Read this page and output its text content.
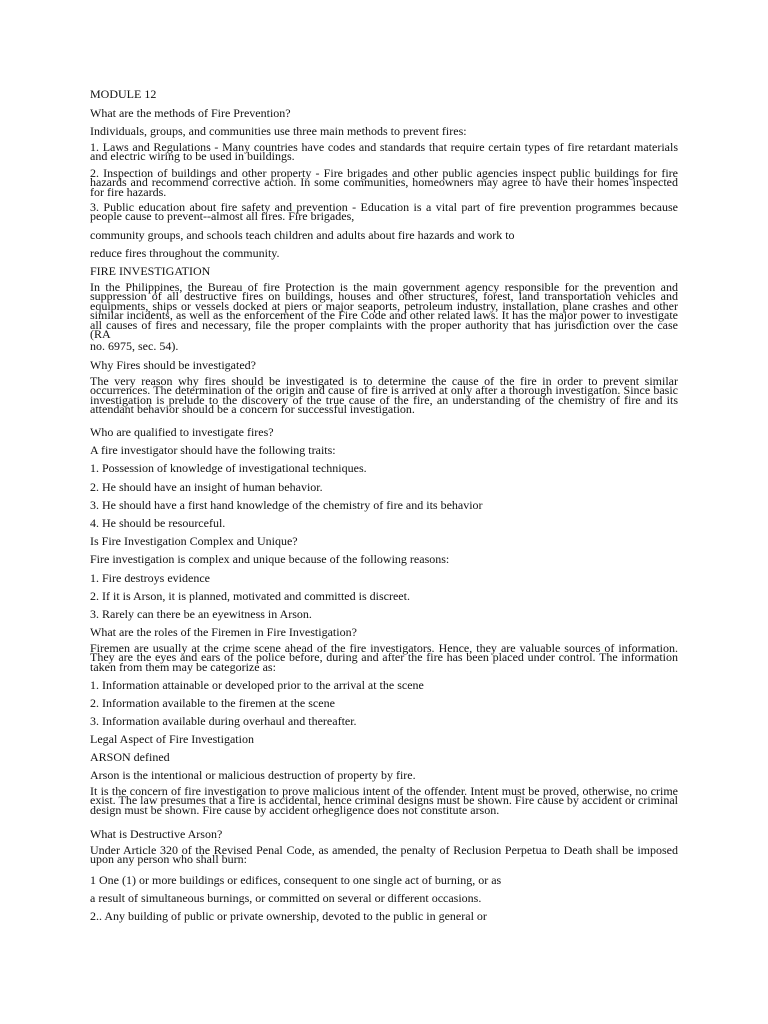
MODULE 12
What are the methods of Fire Prevention?
Individuals, groups, and communities use three main methods to prevent fires:
1. Laws and Regulations - Many countries have codes and standards that require certain types of fire retardant materials and electric wiring to be used in buildings.
2. Inspection of buildings and other property - Fire brigades and other public agencies inspect public buildings for fire hazards and recommend corrective action. In some communities, homeowners may agree to have their homes inspected for fire hazards.
3. Public education about fire safety and prevention - Education is a vital part of fire prevention programmes because people cause to prevent--almost all fires. Fire brigades,
community groups, and schools teach children and adults about fire hazards and work to
reduce fires throughout the community.
FIRE INVESTIGATION
In the Philippines, the Bureau of fire Protection is the main government agency responsible for the prevention and suppression of all destructive fires on buildings, houses and other structures, forest, land transportation vehicles and equipments, ships or vessels docked at piers or major seaports, petroleum industry, installation, plane crashes and other similar incidents, as well as the enforcement of the Fire Code and other related laws. It has the major power to investigate all causes of fires and necessary, file the proper complaints with the proper authority that has jurisdiction over the case (RA
no. 6975, sec. 54).
Why Fires should be investigated?
The very reason why fires should be investigated is to determine the cause of the fire in order to prevent similar occurrences. The determination of the origin and cause of fire is arrived at only after a thorough investigation. Since basic investigation is prelude to the discovery of the true cause of the fire, an understanding of the chemistry of fire and its attendant behavior should be a concern for successful investigation.
Who are qualified to investigate fires?
A fire investigator should have the following traits:
1. Possession of knowledge of investigational techniques.
2. He should have an insight of human behavior.
3. He should have a first hand knowledge of the chemistry of fire and its behavior
4. He should be resourceful.
Is Fire Investigation Complex and Unique?
Fire investigation is complex and unique because of the following reasons:
1. Fire destroys evidence
2. If it is Arson, it is planned, motivated and committed is discreet.
3. Rarely can there be an eyewitness in Arson.
What are the roles of the Firemen in Fire Investigation?
Firemen are usually at the crime scene ahead of the fire investigators. Hence, they are valuable sources of information. They are the eyes and ears of the police before, during and after the fire has been placed under control. The information taken from them may be categorize as:
1. Information attainable or developed prior to the arrival at the scene
2. Information available to the firemen at the scene
3. Information available during overhaul and thereafter.
Legal Aspect of Fire Investigation
ARSON defined
Arson is the intentional or malicious destruction of property by fire.
It is the concern of fire investigation to prove malicious intent of the offender. Intent must be proved, otherwise, no crime exist. The law presumes that a fire is accidental, hence criminal designs must be shown. Fire cause by accident or criminal design must be shown. Fire cause by accident orhegligence does not constitute arson.
What is Destructive Arson?
Under Article 320 of the Revised Penal Code, as amended, the penalty of Reclusion Perpetua to Death shall be imposed upon any person who shall burn:
1 One (1) or more buildings or edifices, consequent to one single act of burning, or as
a result of simultaneous burnings, or committed on several or different occasions.
2.. Any building of public or private ownership, devoted to the public in general or
